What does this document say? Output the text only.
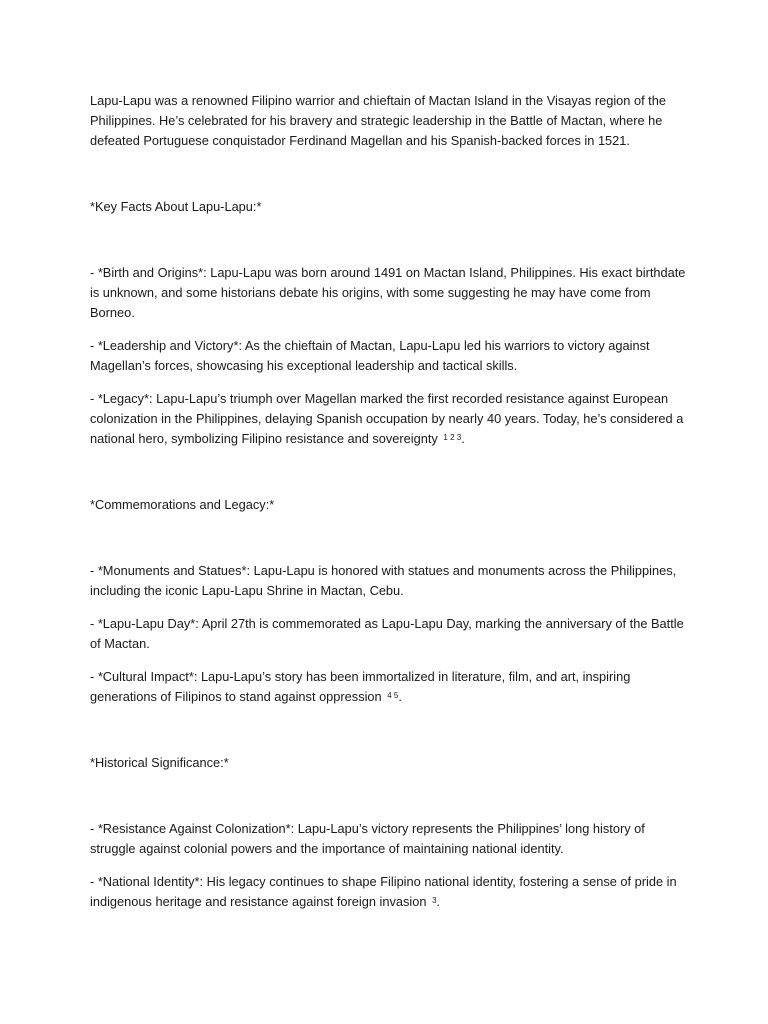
Lapu-Lapu was a renowned Filipino warrior and chieftain of Mactan Island in the Visayas region of the Philippines. He’s celebrated for his bravery and strategic leadership in the Battle of Mactan, where he defeated Portuguese conquistador Ferdinand Magellan and his Spanish-backed forces in 1521.

*Key Facts About Lapu-Lapu:*

- *Birth and Origins*: Lapu-Lapu was born around 1491 on Mactan Island, Philippines. His exact birthdate is unknown, and some historians debate his origins, with some suggesting he may have come from Borneo.

- *Leadership and Victory*: As the chieftain of Mactan, Lapu-Lapu led his warriors to victory against Magellan’s forces, showcasing his exceptional leadership and tactical skills.

- *Legacy*: Lapu-Lapu’s triumph over Magellan marked the first recorded resistance against European colonization in the Philippines, delaying Spanish occupation by nearly 40 years. Today, he’s considered a national hero, symbolizing Filipino resistance and sovereignty $^{1 2 3}$.

*Commemorations and Legacy:*

- *Monuments and Statues*: Lapu-Lapu is honored with statues and monuments across the Philippines, including the iconic Lapu-Lapu Shrine in Mactan, Cebu.

- *Lapu-Lapu Day*: April 27th is commemorated as Lapu-Lapu Day, marking the anniversary of the Battle of Mactan.

- *Cultural Impact*: Lapu-Lapu’s story has been immortalized in literature, film, and art, inspiring generations of Filipinos to stand against oppression $^{4 5}$.

*Historical Significance:*

- *Resistance Against Colonization*: Lapu-Lapu’s victory represents the Philippines’ long history of struggle against colonial powers and the importance of maintaining national identity.

- *National Identity*: His legacy continues to shape Filipino national identity, fostering a sense of pride in indigenous heritage and resistance against foreign invasion $^3$.
